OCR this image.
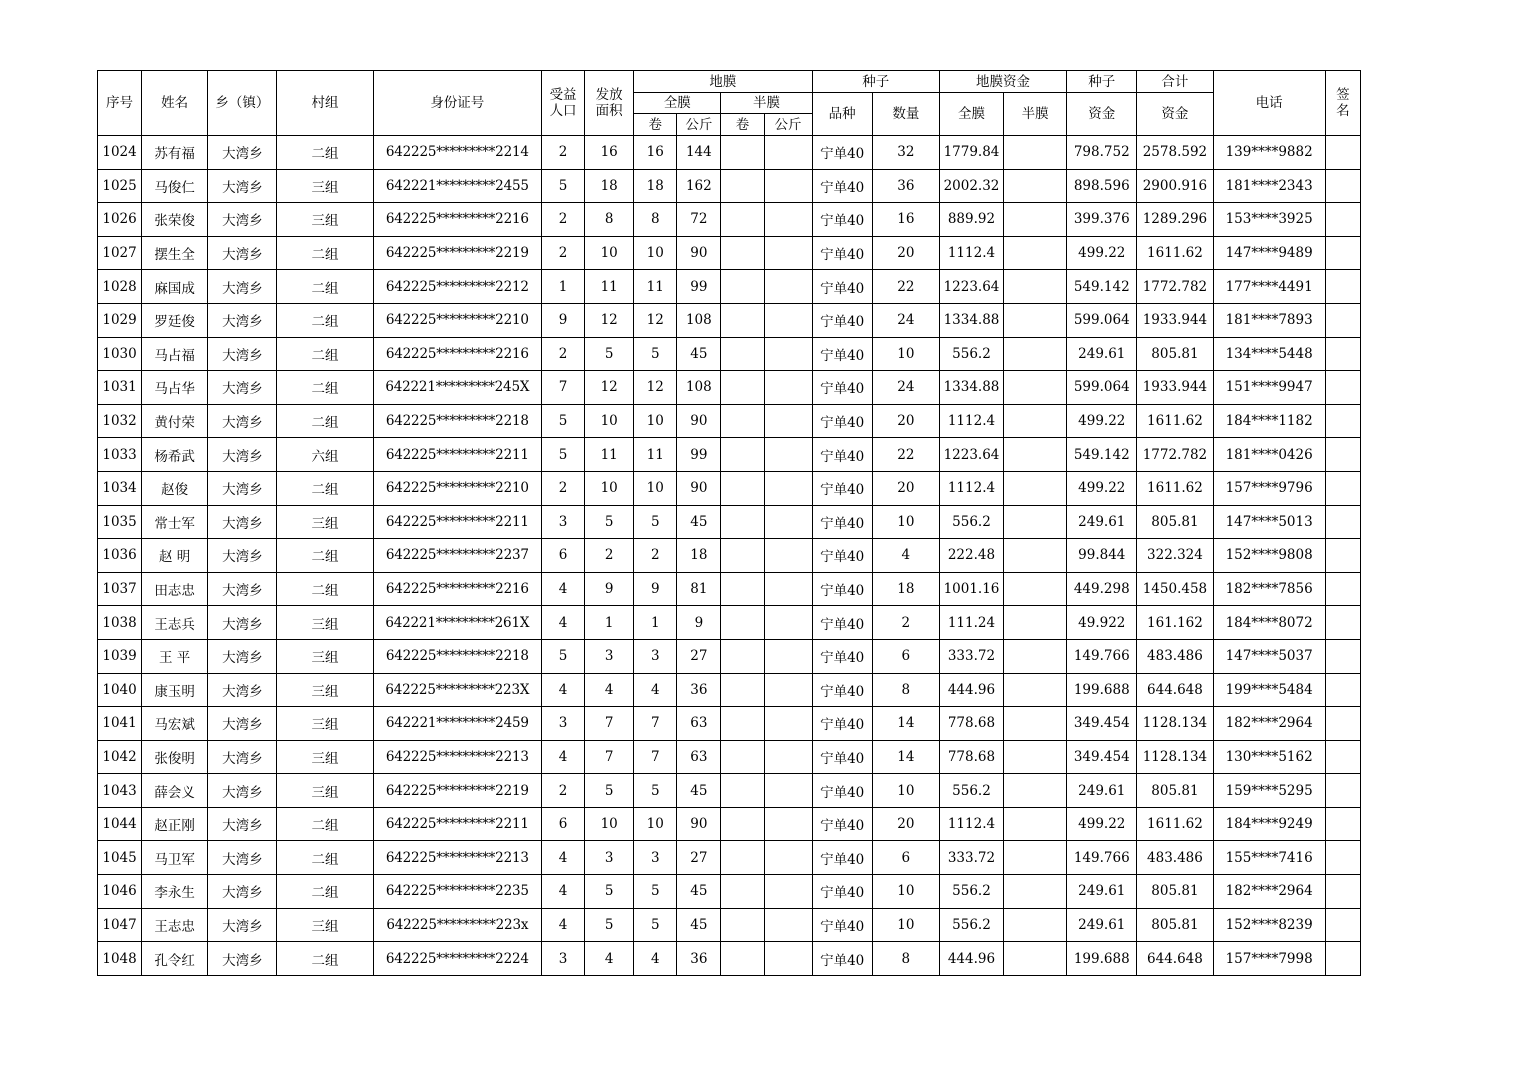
序号	姓名	乡（镇）	村组	身份证号	受益
人口	发放
面积	地膜				种子		地膜资金		种子	合计	电话	签
名
							全膜		半膜		品种	数量	全膜	半膜	资金	资金		
							卷	公斤	卷	公斤								
1024	苏有福	大湾乡	二组	642225*********2214	2	16	16	144			宁单40	32	1779.84		798.752	2578.592	139****9882	
1025	马俊仁	大湾乡	三组	642221*********2455	5	18	18	162			宁单40	36	2002.32		898.596	2900.916	181****2343	
1026	张荣俊	大湾乡	三组	642225*********2216	2	8	8	72			宁单40	16	889.92		399.376	1289.296	153****3925	
1027	摆生全	大湾乡	二组	642225*********2219	2	10	10	90			宁单40	20	1112.4		499.22	1611.62	147****9489	
1028	麻国成	大湾乡	二组	642225*********2212	1	11	11	99			宁单40	22	1223.64		549.142	1772.782	177****4491	
1029	罗廷俊	大湾乡	二组	642225*********2210	9	12	12	108			宁单40	24	1334.88		599.064	1933.944	181****7893	
1030	马占福	大湾乡	二组	642225*********2216	2	5	5	45			宁单40	10	556.2		249.61	805.81	134****5448	
1031	马占华	大湾乡	二组	642221*********245X	7	12	12	108			宁单40	24	1334.88		599.064	1933.944	151****9947	
1032	黄付荣	大湾乡	二组	642225*********2218	5	10	10	90			宁单40	20	1112.4		499.22	1611.62	184****1182	
1033	杨希武	大湾乡	六组	642225*********2211	5	11	11	99			宁单40	22	1223.64		549.142	1772.782	181****0426	
1034	赵俊	大湾乡	二组	642225*********2210	2	10	10	90			宁单40	20	1112.4		499.22	1611.62	157****9796	
1035	常士军	大湾乡	三组	642225*********2211	3	5	5	45			宁单40	10	556.2		249.61	805.81	147****5013	
1036	赵 明	大湾乡	二组	642225*********2237	6	2	2	18			宁单40	4	222.48		99.844	322.324	152****9808	
1037	田志忠	大湾乡	二组	642225*********2216	4	9	9	81			宁单40	18	1001.16		449.298	1450.458	182****7856	
1038	王志兵	大湾乡	三组	642221*********261X	4	1	1	9			宁单40	2	111.24		49.922	161.162	184****8072	
1039	王 平	大湾乡	三组	642225*********2218	5	3	3	27			宁单40	6	333.72		149.766	483.486	147****5037	
1040	康玉明	大湾乡	三组	642225*********223X	4	4	4	36			宁单40	8	444.96		199.688	644.648	199****5484	
1041	马宏斌	大湾乡	三组	642221*********2459	3	7	7	63			宁单40	14	778.68		349.454	1128.134	182****2964	
1042	张俊明	大湾乡	三组	642225*********2213	4	7	7	63			宁单40	14	778.68		349.454	1128.134	130****5162	
1043	薛会义	大湾乡	三组	642225*********2219	2	5	5	45			宁单40	10	556.2		249.61	805.81	159****5295	
1044	赵正刚	大湾乡	二组	642225*********2211	6	10	10	90			宁单40	20	1112.4		499.22	1611.62	184****9249	
1045	马卫军	大湾乡	二组	642225*********2213	4	3	3	27			宁单40	6	333.72		149.766	483.486	155****7416	
1046	李永生	大湾乡	二组	642225*********2235	4	5	5	45			宁单40	10	556.2		249.61	805.81	182****2964	
1047	王志忠	大湾乡	三组	642225*********223x	4	5	5	45			宁单40	10	556.2		249.61	805.81	152****8239	
1048	孔令红	大湾乡	二组	642225*********2224	3	4	4	36			宁单40	8	444.96		199.688	644.648	157****7998	
